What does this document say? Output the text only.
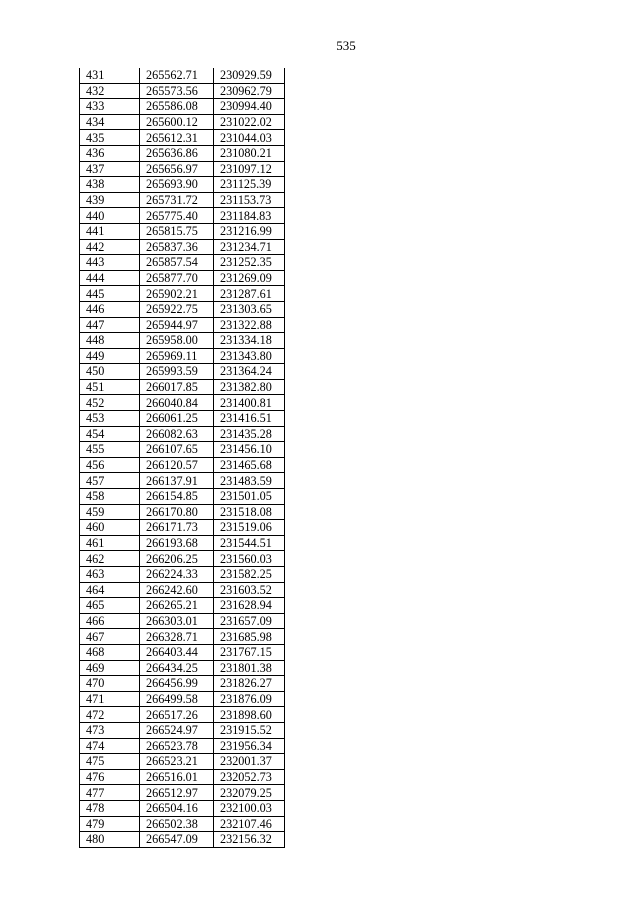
535
431	265562.71	230929.59
432	265573.56	230962.79
433	265586.08	230994.40
434	265600.12	231022.02
435	265612.31	231044.03
436	265636.86	231080.21
437	265656.97	231097.12
438	265693.90	231125.39
439	265731.72	231153.73
440	265775.40	231184.83
441	265815.75	231216.99
442	265837.36	231234.71
443	265857.54	231252.35
444	265877.70	231269.09
445	265902.21	231287.61
446	265922.75	231303.65
447	265944.97	231322.88
448	265958.00	231334.18
449	265969.11	231343.80
450	265993.59	231364.24
451	266017.85	231382.80
452	266040.84	231400.81
453	266061.25	231416.51
454	266082.63	231435.28
455	266107.65	231456.10
456	266120.57	231465.68
457	266137.91	231483.59
458	266154.85	231501.05
459	266170.80	231518.08
460	266171.73	231519.06
461	266193.68	231544.51
462	266206.25	231560.03
463	266224.33	231582.25
464	266242.60	231603.52
465	266265.21	231628.94
466	266303.01	231657.09
467	266328.71	231685.98
468	266403.44	231767.15
469	266434.25	231801.38
470	266456.99	231826.27
471	266499.58	231876.09
472	266517.26	231898.60
473	266524.97	231915.52
474	266523.78	231956.34
475	266523.21	232001.37
476	266516.01	232052.73
477	266512.97	232079.25
478	266504.16	232100.03
479	266502.38	232107.46
480	266547.09	232156.32
